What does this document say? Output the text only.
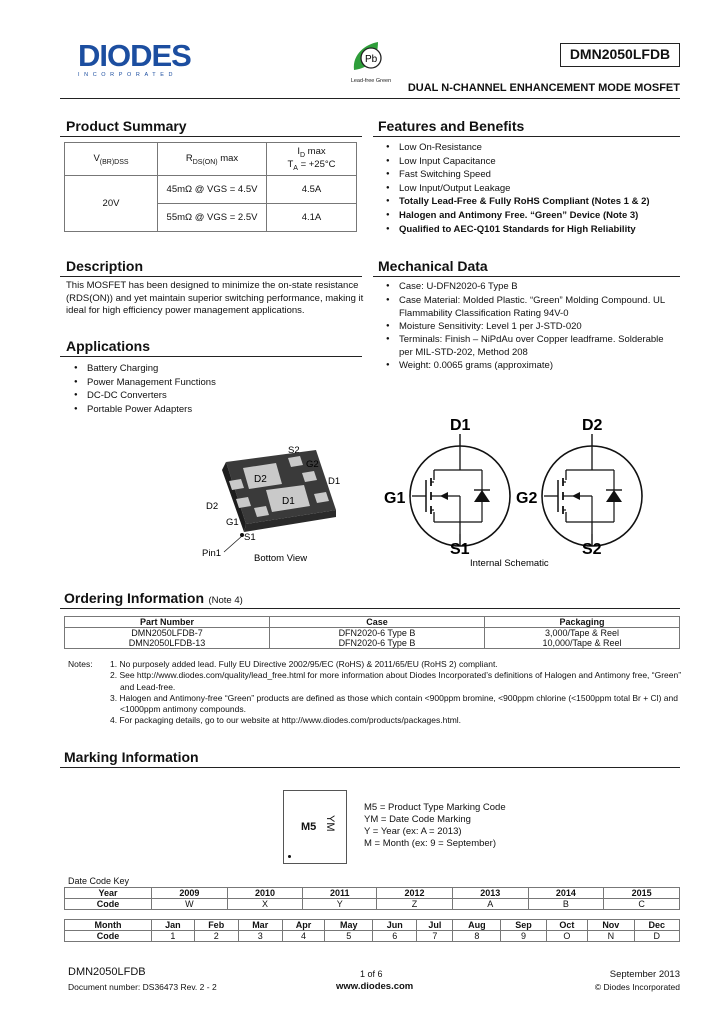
DIODES
INCORPORATED
Pb
Lead-free Green
DMN2050LFDB
DUAL N-CHANNEL ENHANCEMENT MODE MOSFET
Product Summary
$V_{(BR)DSS}$	$R_{DS(ON)}$ max	$I_D$ max
$T_A = +25^\circ C$
20V	45mΩ @ VGS = 4.5V	4.5A
	55mΩ @ VGS = 2.5V	4.1A
Features and Benefits
● Low On-Resistance
● Low Input Capacitance
● Fast Switching Speed
● Low Input/Output Leakage
● Totally Lead-Free & Fully RoHS Compliant (Notes 1 & 2)
● Halogen and Antimony Free. “Green” Device (Note 3)
● Qualified to AEC-Q101 Standards for High Reliability
Description
This MOSFET has been designed to minimize the on-state resistance
(RDS(ON)) and yet maintain superior switching performance, making it
ideal for high efficiency power management applications.
Mechanical Data
● Case: U-DFN2020-6 Type B
● Case Material: Molded Plastic. “Green” Molding Compound. UL Flammability Classification Rating 94V-0
● Moisture Sensitivity: Level 1 per J-STD-020
● Terminals: Finish – NiPdAu over Copper leadframe. Solderable per MIL-STD-202, Method 208
● Weight: 0.0065 grams (approximate)
Applications
● Battery Charging
● Power Management Functions
● DC-DC Converters
● Portable Power Adapters
D2
D1
S2
G2
D1
D2
G1
S1
Pin1	Bottom View
D1
G1
S1
D2
G2
S2
Internal Schematic
Ordering Information (Note 4)
Part Number	Case	Packaging
DMN2050LFDB-7	DFN2020-6 Type B	3,000/Tape & Reel
DMN2050LFDB-13	DFN2020-6 Type B	10,000/Tape & Reel
Notes: 1. No purposely added lead. Fully EU Directive 2002/95/EC (RoHS) & 2011/65/EU (RoHS 2) compliant.
2. See http://www.diodes.com/quality/lead_free.html for more information about Diodes Incorporated’s definitions of Halogen and Antimony free, “Green”
and Lead-free.
3. Halogen and Antimony-free “Green” products are defined as those which contain <900ppm bromine, <900ppm chlorine (<1500ppm total Br + Cl) and
<1000ppm antimony compounds.
4. For packaging details, go to our website at http://www.diodes.com/products/packages.html.
Marking Information
M5 YM
M5 = Product Type Marking Code
YM = Date Code Marking
Y = Year (ex: A = 2013)
M = Month (ex: 9 = September)
Date Code Key
Year	2009	2010	2011	2012	2013	2014	2015
Code	W	X	Y	Z	A	B	C
Month	Jan	Feb	Mar	Apr	May	Jun	Jul	Aug	Sep	Oct	Nov	Dec
Code	1	2	3	4	5	6	7	8	9	O	N	D
DMN2050LFDB
Document number: DS36473 Rev. 2 - 2
1 of 6
www.diodes.com
September 2013
© Diodes Incorporated
